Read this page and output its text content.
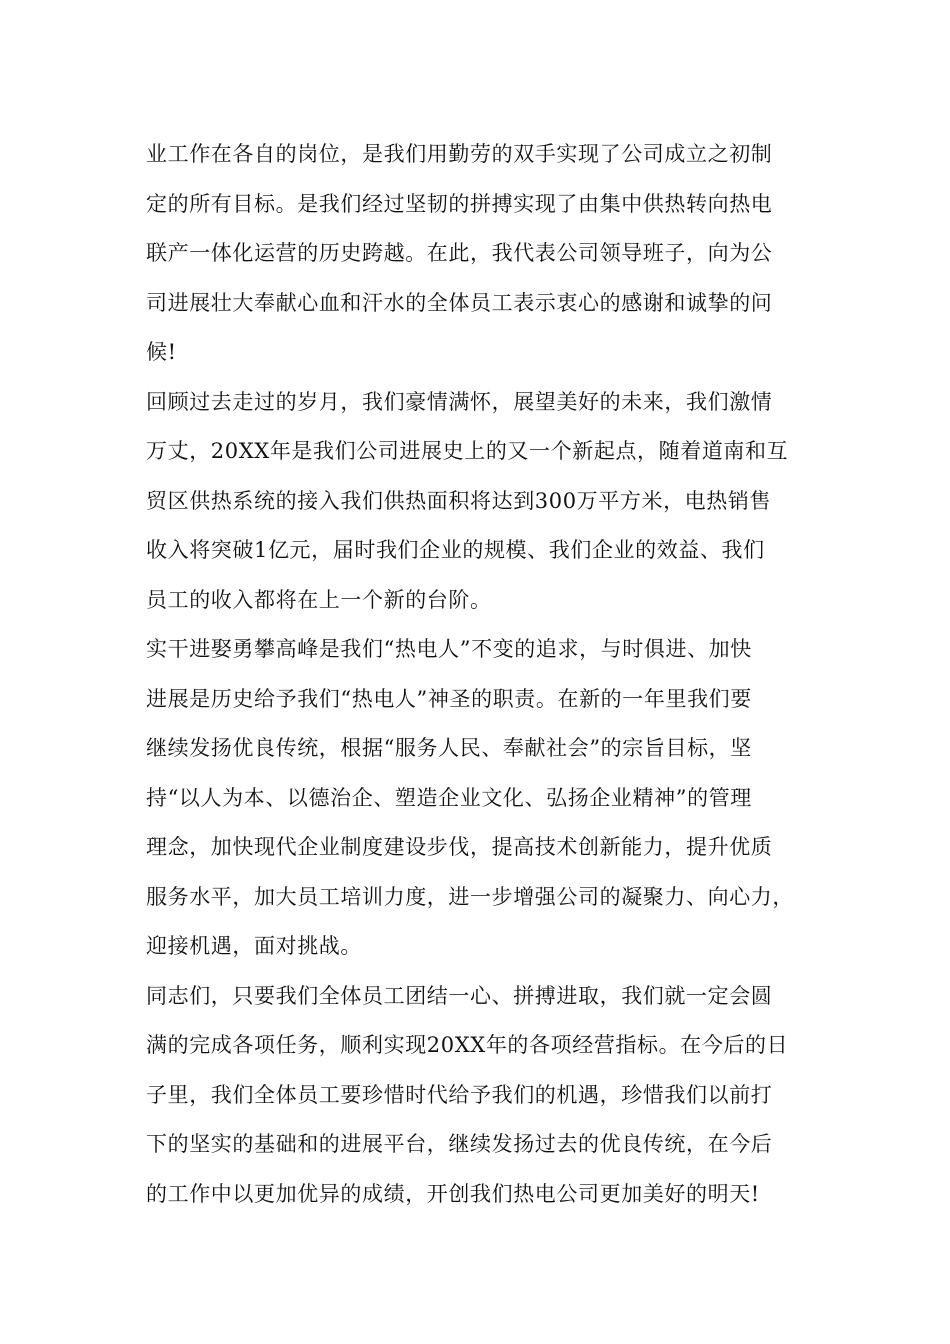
业工作在各自的岗位，是我们用勤劳的双手实现了公司成立之初制
定的所有目标。是我们经过坚韧的拼搏实现了由集中供热转向热电
联产一体化运营的历史跨越。在此，我代表公司领导班子，向为公
司进展壮大奉献心血和汗水的全体员工表示衷心的感谢和诚挚的问
候!
回顾过去走过的岁月，我们豪情满怀，展望美好的未来，我们激情
万丈，20XX年是我们公司进展史上的又一个新起点，随着道南和互
贸区供热系统的接入我们供热面积将达到300万平方米，电热销售
收入将突破1亿元，届时我们企业的规模、我们企业的效益、我们
员工的收入都将在上一个新的台阶。
实干进娶勇攀高峰是我们“热电人”不变的追求，与时俱进、加快
进展是历史给予我们“热电人”神圣的职责。在新的一年里我们要
继续发扬优良传统，根据“服务人民、奉献社会”的宗旨目标，坚
持“以人为本、以德治企、塑造企业文化、弘扬企业精神”的管理
理念，加快现代企业制度建设步伐，提高技术创新能力，提升优质
服务水平，加大员工培训力度，进一步增强公司的凝聚力、向心力，
迎接机遇，面对挑战。
同志们，只要我们全体员工团结一心、拼搏进取，我们就一定会圆
满的完成各项任务，顺利实现20XX年的各项经营指标。在今后的日
子里，我们全体员工要珍惜时代给予我们的机遇，珍惜我们以前打
下的坚实的基础和的进展平台，继续发扬过去的优良传统，在今后
的工作中以更加优异的成绩，开创我们热电公司更加美好的明天!
